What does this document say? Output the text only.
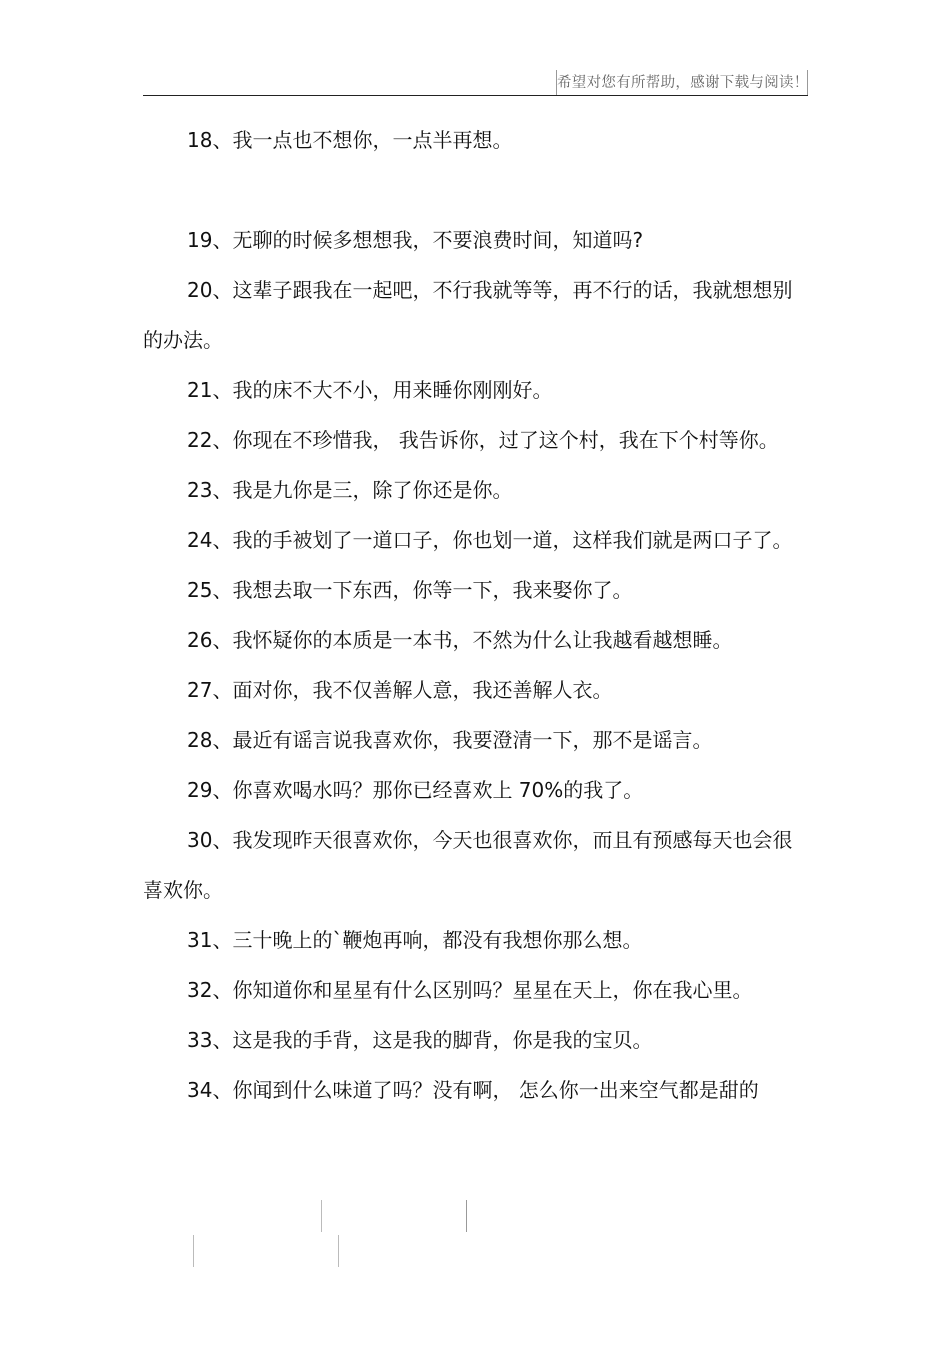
希望对您有所帮助，感谢下载与阅读！

18、我一点也不想你，一点半再想。

19、无聊的时候多想想我，不要浪费时间，知道吗?

20、这辈子跟我在一起吧，不行我就等等，再不行的话，我就想想别的办法。

21、我的床不大不小，用来睡你刚刚好。

22、你现在不珍惜我， 我告诉你，过了这个村，我在下个村等你。

23、我是九你是三，除了你还是你。

24、我的手被划了一道口子，你也划一道，这样我们就是两口子了。

25、我想去取一下东西，你等一下，我来娶你了。

26、我怀疑你的本质是一本书，不然为什么让我越看越想睡。

27、面对你，我不仅善解人意，我还善解人衣。

28、最近有谣言说我喜欢你，我要澄清一下，那不是谣言。

29、你喜欢喝水吗？那你已经喜欢上 70%的我了。

30、我发现昨天很喜欢你，今天也很喜欢你，而且有预感每天也会很喜欢你。

31、三十晚上的`鞭炮再响，都没有我想你那么想。

32、你知道你和星星有什么区别吗？星星在天上，你在我心里。

33、这是我的手背，这是我的脚背，你是我的宝贝。

34、你闻到什么味道了吗？没有啊， 怎么你一出来空气都是甜的
